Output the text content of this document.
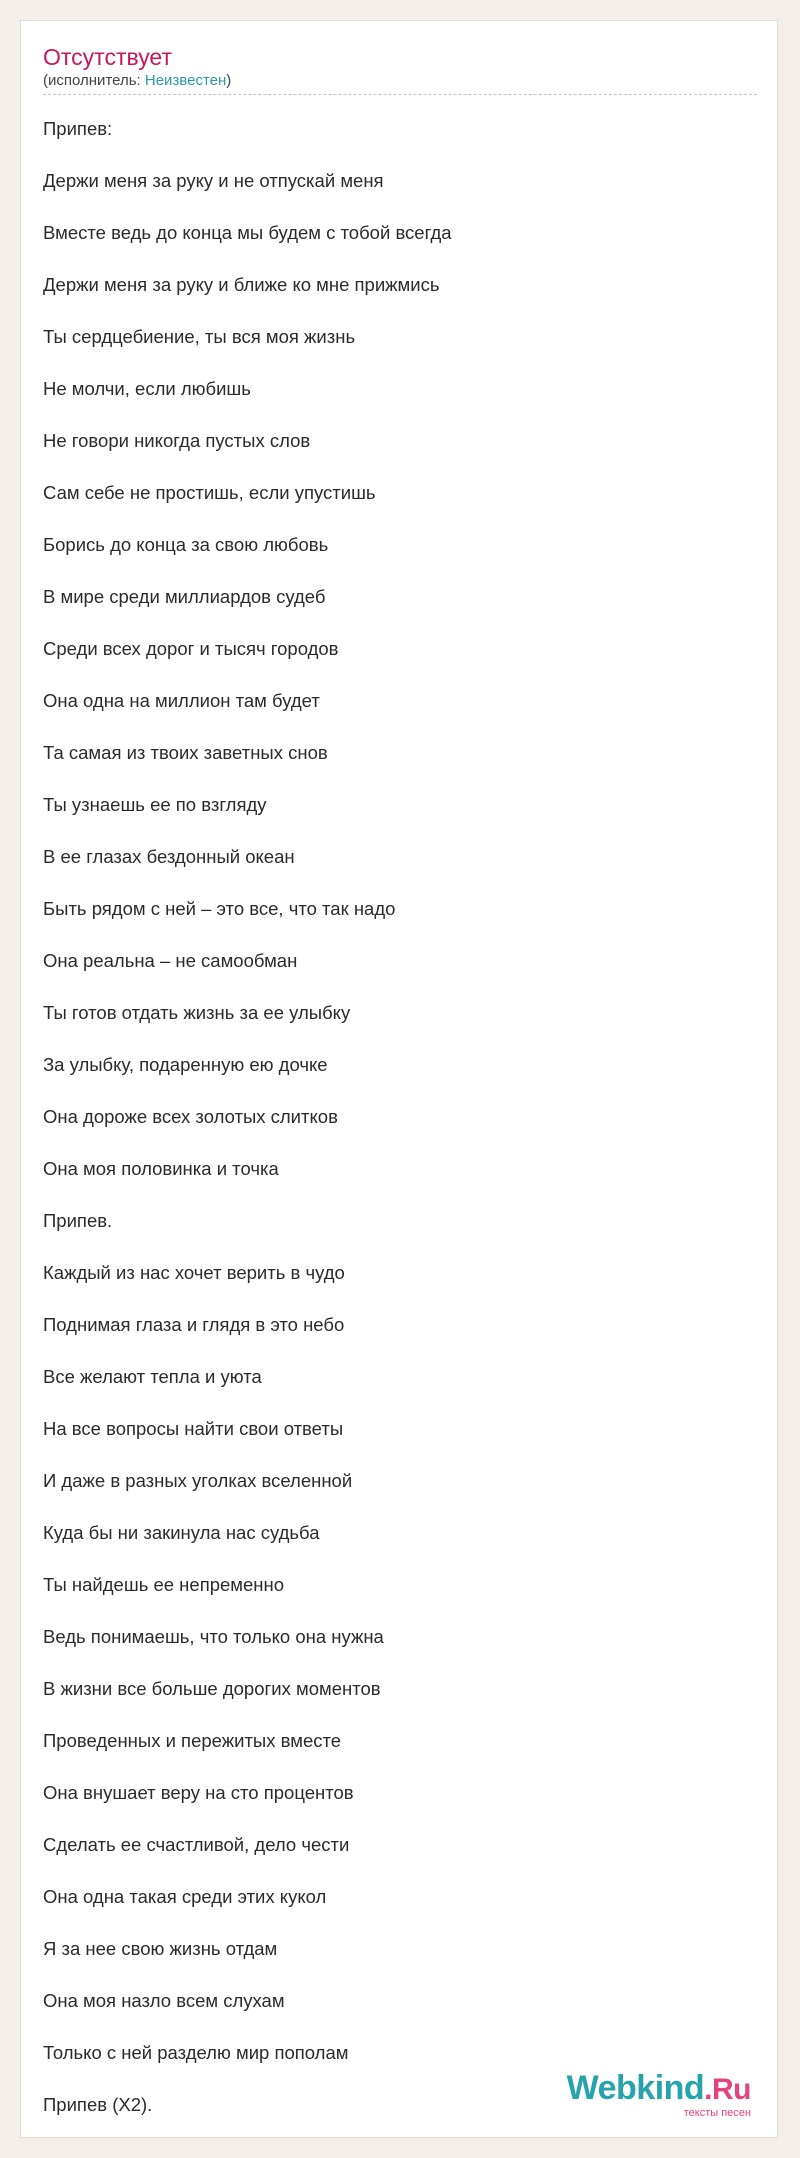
Отсутствует
(исполнитель: Неизвестен)
Припев:
Держи меня за руку и не отпускай меня
Вместе ведь до конца мы будем с тобой всегда
Держи меня за руку и ближе ко мне прижмись
Ты сердцебиение, ты вся моя жизнь
Не молчи, если любишь
Не говори никогда пустых слов
Сам себе не простишь, если упустишь
Борись до конца за свою любовь
В мире среди миллиардов судеб
Среди всех дорог и тысяч городов
Она одна на миллион там будет
Та самая из твоих заветных снов
Ты узнаешь ее по взгляду
В ее глазах бездонный океан
Быть рядом с ней – это все, что так надо
Она реальна – не самообман
Ты готов отдать жизнь за ее улыбку
За улыбку, подаренную ею дочке
Она дороже всех золотых слитков
Она моя половинка и точка
Припев.
Каждый из нас хочет верить в чудо
Поднимая глаза и глядя в это небо
Все желают тепла и уюта
На все вопросы найти свои ответы
И даже в разных уголках вселенной
Куда бы ни закинула нас судьба
Ты найдешь ее непременно
Ведь понимаешь, что только она нужна
В жизни все больше дорогих моментов
Проведенных и пережитых вместе
Она внушает веру на сто процентов
Сделать ее счастливой, дело чести
Она одна такая среди этих кукол
Я за нее свою жизнь отдам
Она моя назло всем слухам
Только с ней разделю мир пополам
Припев (X2).	Webkind.Ru
тексты песен
